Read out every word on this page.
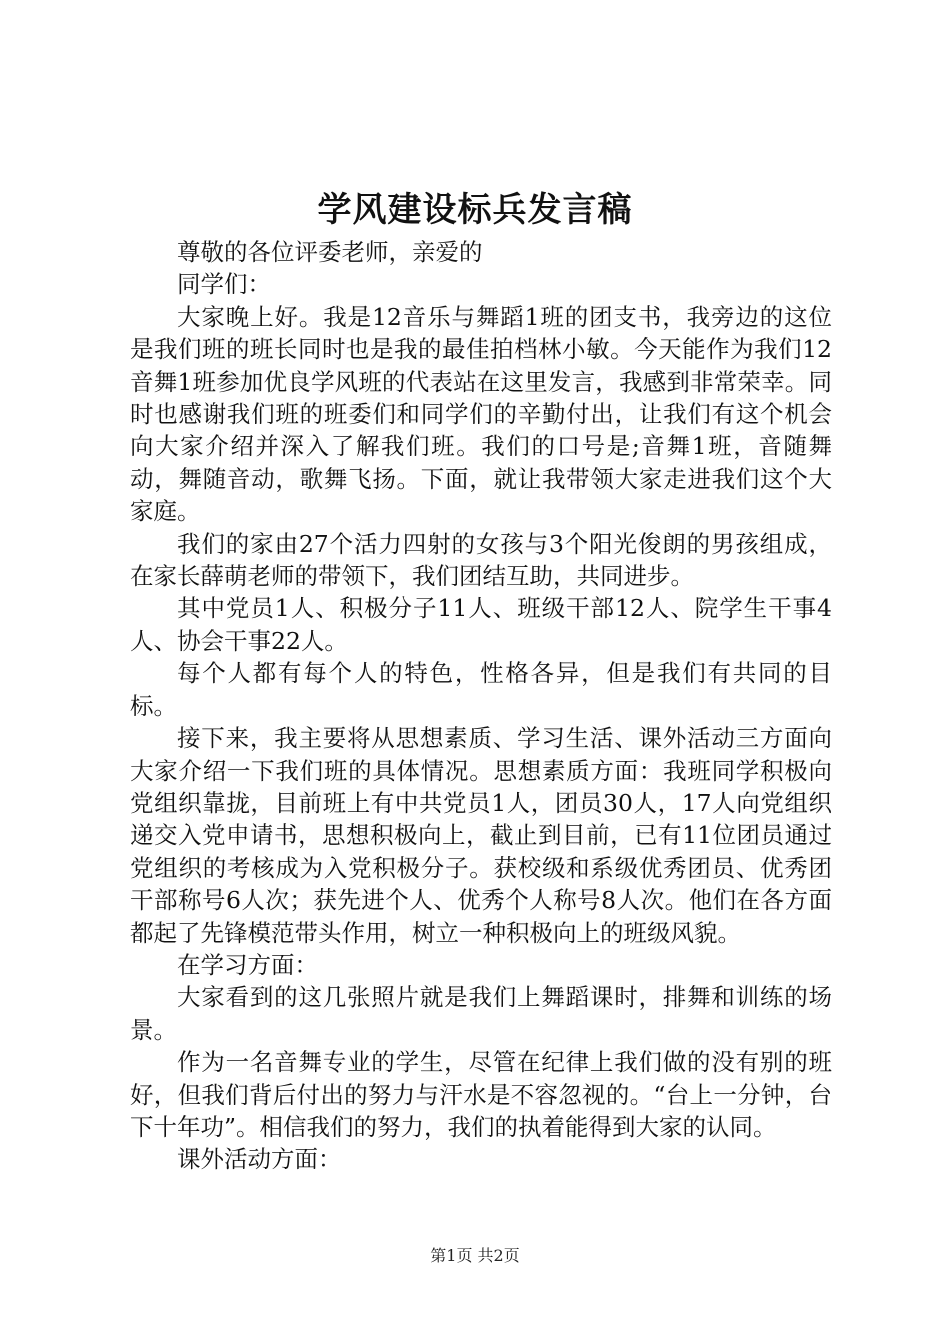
学风建设标兵发言稿

尊敬的各位评委老师，亲爱的

同学们：

大家晚上好。我是12音乐与舞蹈1班的团支书，我旁边的这位是我们班的班长同时也是我的最佳拍档林小敏。今天能作为我们12音舞1班参加优良学风班的代表站在这里发言，我感到非常荣幸。同时也感谢我们班的班委们和同学们的辛勤付出，让我们有这个机会向大家介绍并深入了解我们班。我们的口号是;音舞1班，音随舞动，舞随音动，歌舞飞扬。下面，就让我带领大家走进我们这个大家庭。

我们的家由27个活力四射的女孩与3个阳光俊朗的男孩组成，在家长薛萌老师的带领下，我们团结互助，共同进步。

其中党员1人、积极分子11人、班级干部12人、院学生干事4人、协会干事22人。

每个人都有每个人的特色，性格各异，但是我们有共同的目标。

接下来，我主要将从思想素质、学习生活、课外活动三方面向大家介绍一下我们班的具体情况。思想素质方面：我班同学积极向党组织靠拢，目前班上有中共党员1人，团员30人，17人向党组织递交入党申请书，思想积极向上，截止到目前，已有11位团员通过党组织的考核成为入党积极分子。获校级和系级优秀团员、优秀团干部称号6人次；获先进个人、优秀个人称号8人次。他们在各方面都起了先锋模范带头作用，树立一种积极向上的班级风貌。

在学习方面：

大家看到的这几张照片就是我们上舞蹈课时，排舞和训练的场景。

作为一名音舞专业的学生，尽管在纪律上我们做的没有别的班好，但我们背后付出的努力与汗水是不容忽视的。“台上一分钟，台下十年功”。相信我们的努力，我们的执着能得到大家的认同。

课外活动方面：

第1页 共2页
